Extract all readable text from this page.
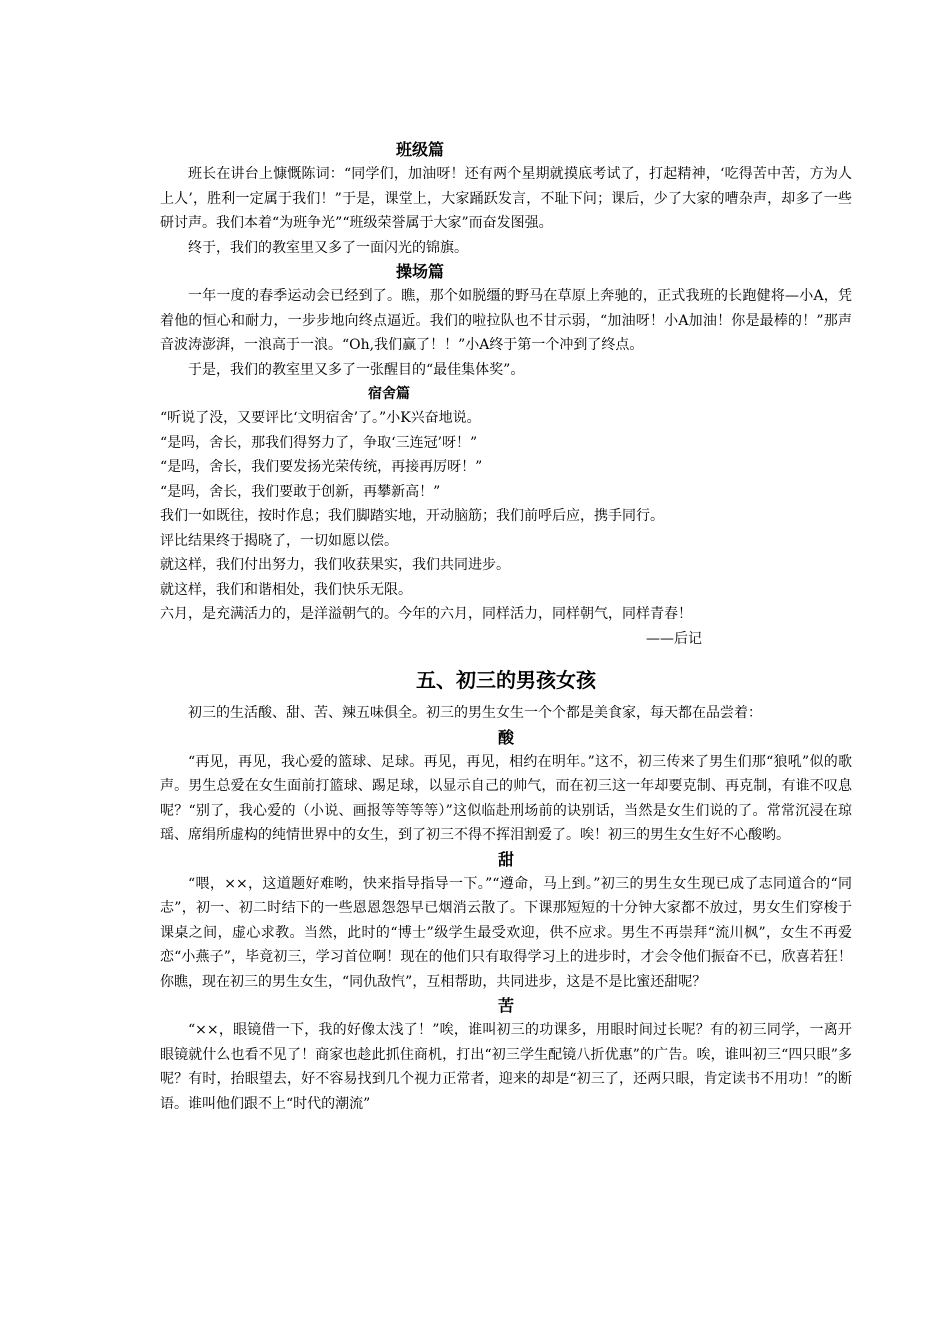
班级篇

班长在讲台上慷慨陈词：“同学们，加油呀！还有两个星期就摸底考试了，打起精神，‘吃得苦中苦，方为人上人’，胜利一定属于我们！”于是，课堂上，大家踊跃发言，不耻下问；课后，少了大家的嘈杂声，却多了一些研讨声。我们本着“为班争光”“班级荣誉属于大家”而奋发图强。

终于，我们的教室里又多了一面闪光的锦旗。

操场篇

一年一度的春季运动会已经到了。瞧，那个如脱缰的野马在草原上奔驰的，正式我班的长跑健将—小A，凭着他的恒心和耐力，一步步地向终点逼近。我们的啦拉队也不甘示弱，“加油呀！小A加油！你是最棒的！”那声音波涛澎湃，一浪高于一浪。“Oh,我们赢了！！”小A终于第一个冲到了终点。

于是，我们的教室里又多了一张醒目的“最佳集体奖”。

宿舍篇

“听说了没，又要评比‘文明宿舍’了。”小K兴奋地说。

“是吗，舍长，那我们得努力了，争取‘三连冠’呀！”

“是吗，舍长，我们要发扬光荣传统，再接再厉呀！”

“是吗，舍长，我们要敢于创新，再攀新高！”

我们一如既往，按时作息；我们脚踏实地，开动脑筋；我们前呼后应，携手同行。

评比结果终于揭晓了，一切如愿以偿。

就这样，我们付出努力，我们收获果实，我们共同进步。

就这样，我们和谐相处，我们快乐无限。

六月，是充满活力的，是洋溢朝气的。今年的六月，同样活力，同样朝气，同样青春！

——后记

五、初三的男孩女孩

初三的生活酸、甜、苦、辣五味俱全。初三的男生女生一个个都是美食家，每天都在品尝着：

酸

“再见，再见，我心爱的篮球、足球。再见，再见，相约在明年。”这不，初三传来了男生们那“狼吼”似的歌声。男生总爱在女生面前打篮球、踢足球，以显示自己的帅气，而在初三这一年却要克制、再克制，有谁不叹息呢？“别了，我心爱的（小说、画报等等等等）”这似临赴刑场前的诀别话，当然是女生们说的了。常常沉浸在琼瑶、席绢所虚构的纯情世界中的女生，到了初三不得不挥泪割爱了。唉！初三的男生女生好不心酸哟。

甜

“喂，××，这道题好难哟，快来指导指导一下。”“遵命，马上到。”初三的男生女生现已成了志同道合的“同志”，初一、初二时结下的一些恩恩怨怨早已烟消云散了。下课那短短的十分钟大家都不放过，男女生们穿梭于课桌之间，虚心求教。当然，此时的“博士”级学生最受欢迎，供不应求。男生不再崇拜“流川枫”，女生不再爱恋“小燕子”，毕竟初三，学习首位啊！现在的他们只有取得学习上的进步时，才会令他们振奋不已，欣喜若狂！你瞧，现在初三的男生女生，“同仇敌忾”，互相帮助，共同进步，这是不是比蜜还甜呢？

苦

“××，眼镜借一下，我的好像太浅了！”唉，谁叫初三的功课多，用眼时间过长呢？有的初三同学，一离开眼镜就什么也看不见了！商家也趁此抓住商机，打出“初三学生配镜八折优惠”的广告。唉，谁叫初三“四只眼”多呢？有时，抬眼望去，好不容易找到几个视力正常者，迎来的却是“初三了，还两只眼，肯定读书不用功！”的断语。谁叫他们跟不上“时代的潮流”
